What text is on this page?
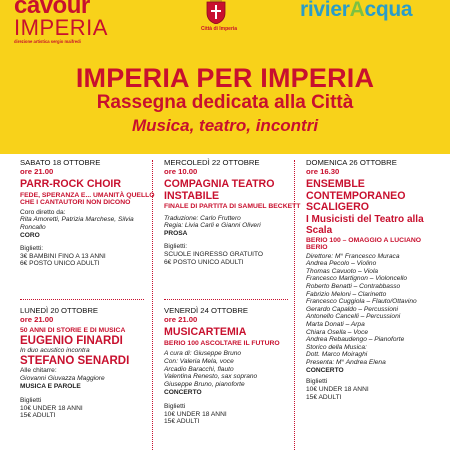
cavour
IMPERIA
direzione artistica sergio maifredi
Città di Imperia
rivierAcqua
IMPERIA PER IMPERIA
Rassegna dedicata alla Città
Musica, teatro, incontri
SABATO 18 OTTOBRE
ore 21.00
PARR-ROCK CHOIR
FEDE, SPERANZA E... UMANITÀ QUELLO CHE I CANTAUTORI NON DICONO
Coro diretto da:
Rita Amoretti, Patrizia Marchese, Silvia Roncallo
CORO
Biglietti:
3€ BAMBINI FINO A 13 ANNI
6€ POSTO UNICO ADULTI
MERCOLEDÌ 22 OTTOBRE
ore 10.00
COMPAGNIA TEATRO INSTABILE
FINALE DI PARTITA DI SAMUEL BECKETT
Traduzione: Carlo Fruttero
Regia: Livia Carli e Gianni Oliveri
PROSA
Biglietti:
SCUOLE INGRESSO GRATUITO
6€ POSTO UNICO ADULTI
DOMENICA 26 OTTOBRE
ore 16.30
ENSEMBLE CONTEMPORANEO SCALIGERO
I Musicisti del Teatro alla Scala
BERIO 100 – OMAGGIO A LUCIANO BERIO
Direttore: M° Francesco Muraca
Andrea Pecolo – Violino
Thomas Cavuoto – Viola
Francesco Martignon – Violoncello
Roberto Benatti – Contrabbasso
Fabrizio Meloni – Clarinetto
Francesco Cuggiola – Flauto/Ottavino
Gerardo Capaldo – Percussioni
Antonello Cancelli – Percussioni
Marta Donati – Arpa
Chiara Osella – Voce
Andrea Rebaudengo – Pianoforte
Storico della Musica:
Dott. Marco Moiraghi
Presenta: M° Andrea Elena
CONCERTO
Biglietti
10€ UNDER 18 ANNI
15€ ADULTI
LUNEDÌ 20 OTTOBRE
ore 21.00
50 ANNI DI STORIE E DI MUSICA
EUGENIO FINARDI
In duo acustico incontra
STEFANO SENARDI
Alle chitarre:
Giovanni Giuvazza Maggiore
MUSICA E PAROLE
Biglietti
10€ UNDER 18 ANNI
15€ ADULTI
VENERDÌ 24 OTTOBRE
ore 21.00
MUSICARTEMIA
BERIO 100 ASCOLTARE IL FUTURO
A cura di: Giuseppe Bruno
Con: Valeria Mela, voce
Arcadio Baracchi, flauto
Valentina Renesto, sax soprano
Giuseppe Bruno, pianoforte
CONCERTO
Biglietti
10€ UNDER 18 ANNI
15€ ADULTI
